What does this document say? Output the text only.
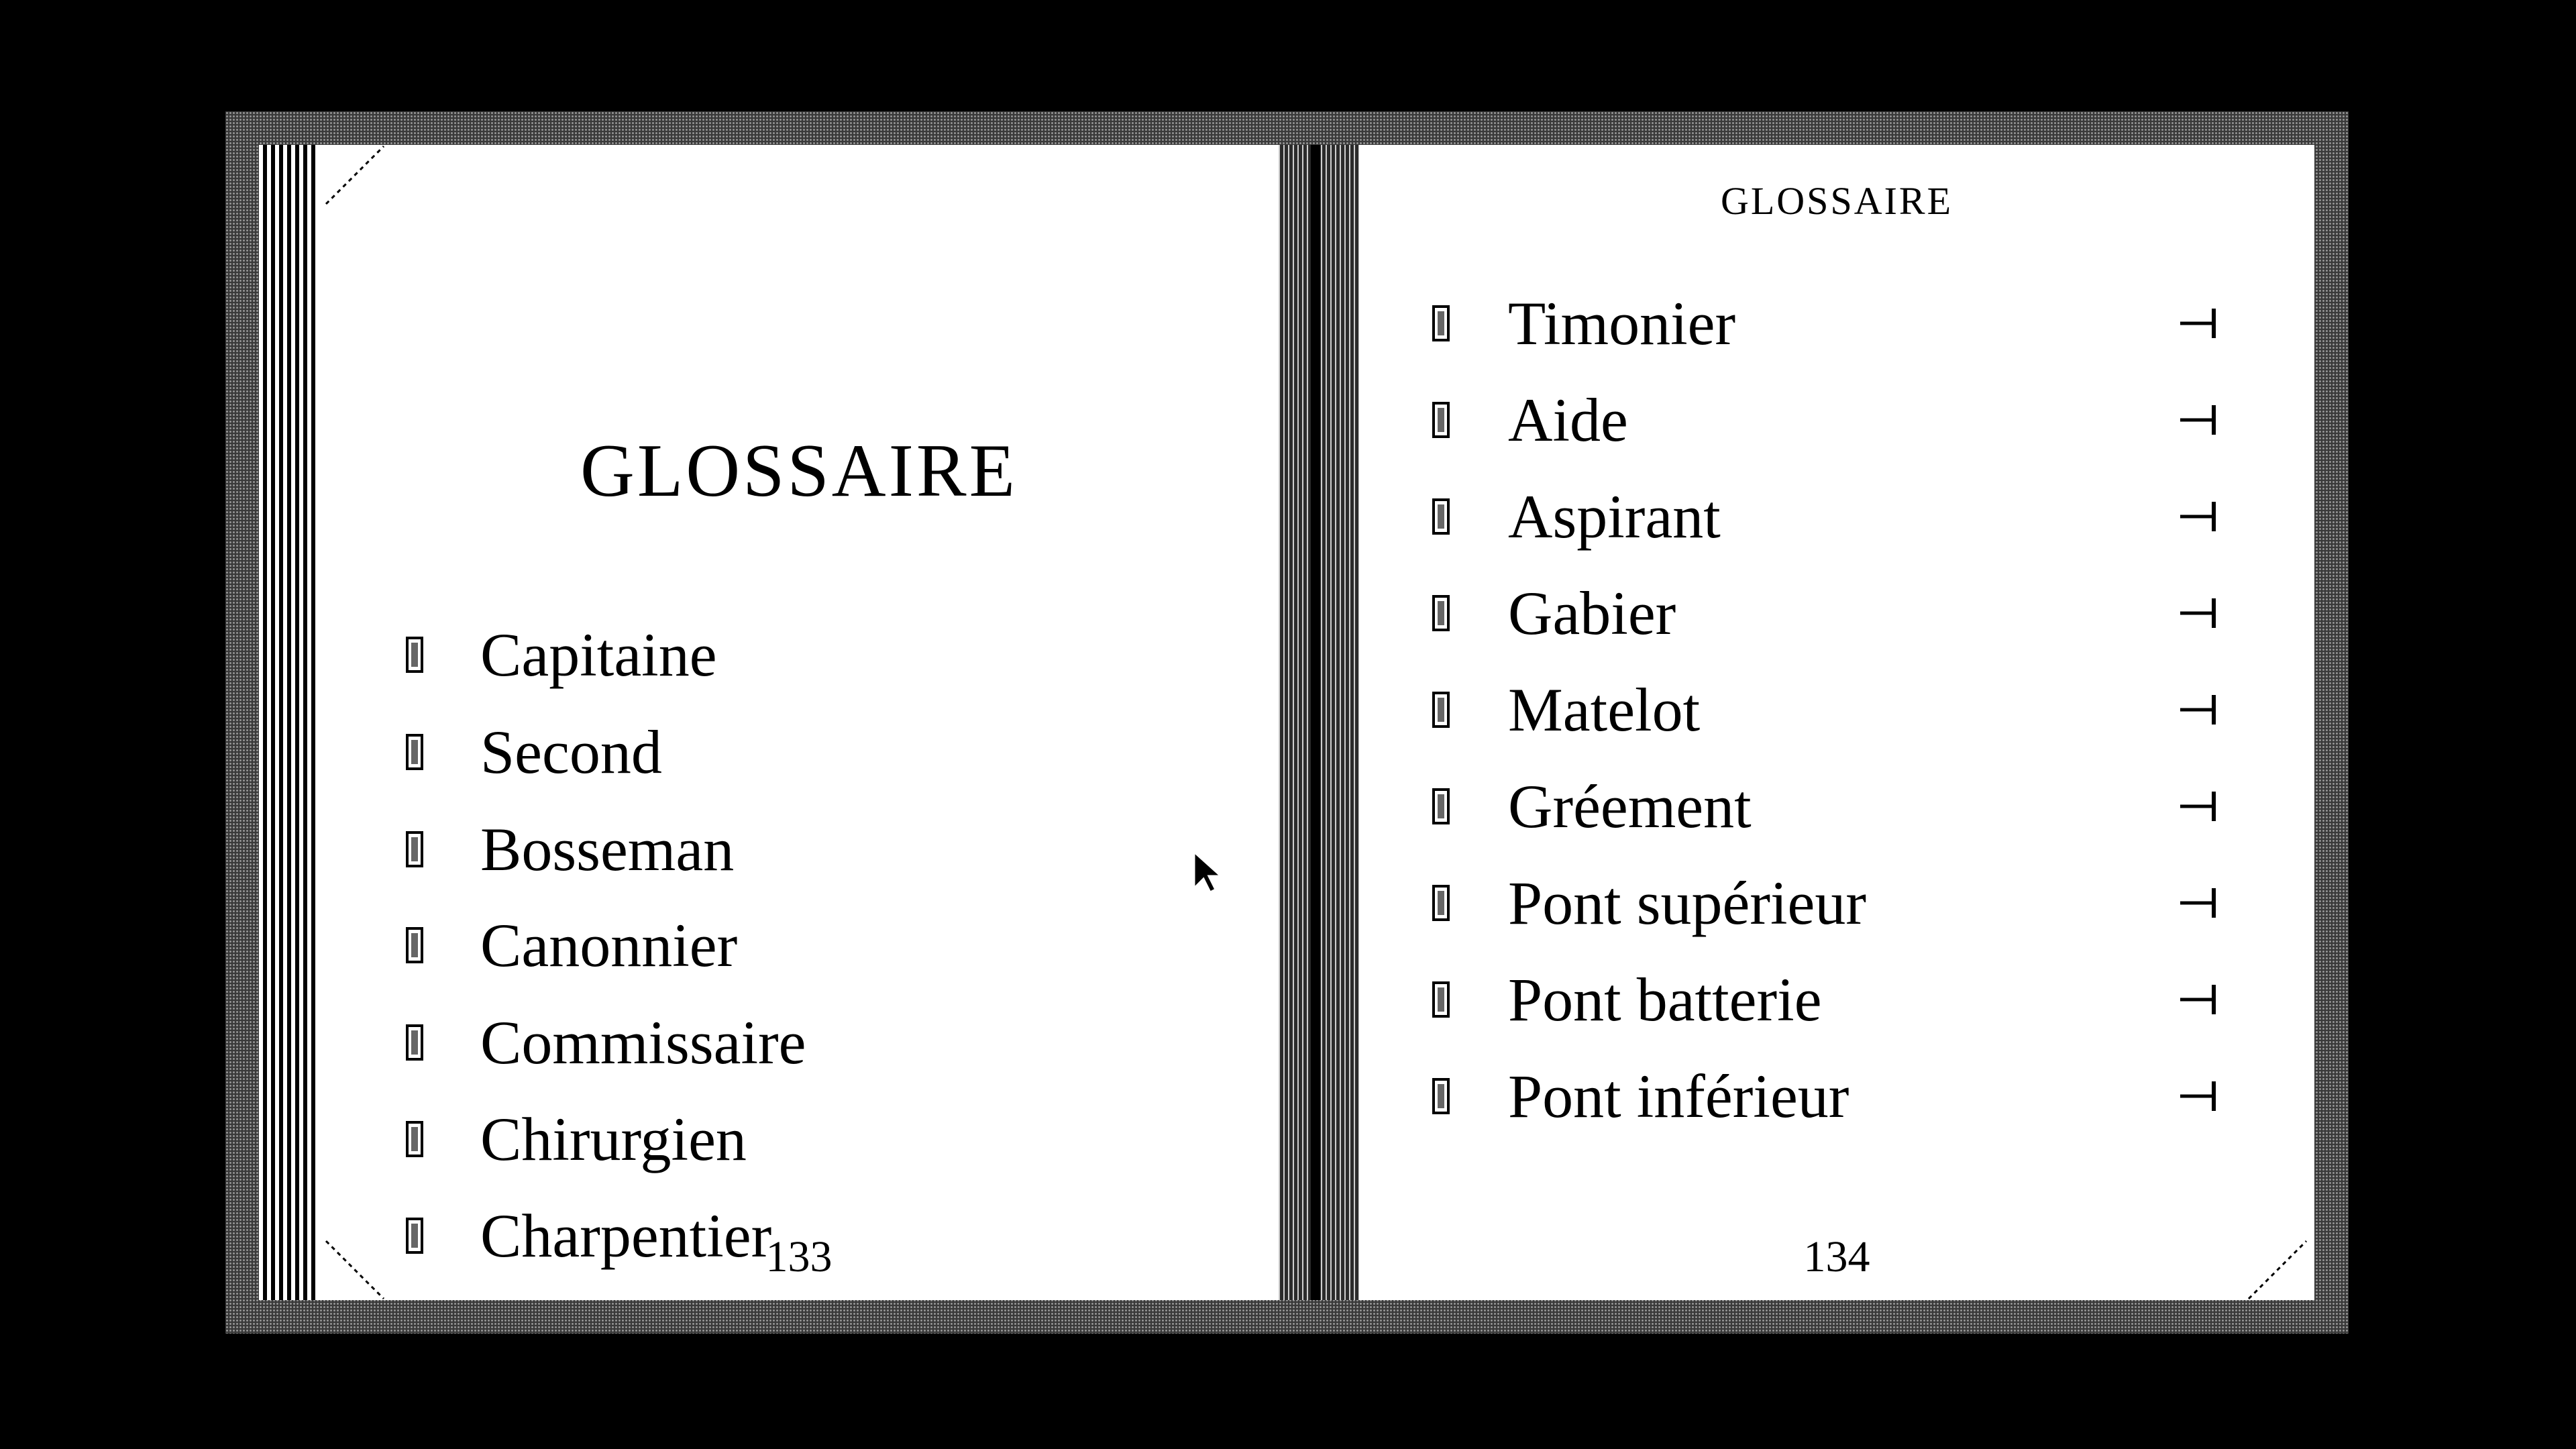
GLOSSAIRE
Capitaine
Second
Bosseman
Canonnier
Commissaire
Chirurgien
Charpentier
133
GLOSSAIRE
Timonier
Aide
Aspirant
Gabier
Matelot
Gréement
Pont supérieur
Pont batterie
Pont inférieur
134
